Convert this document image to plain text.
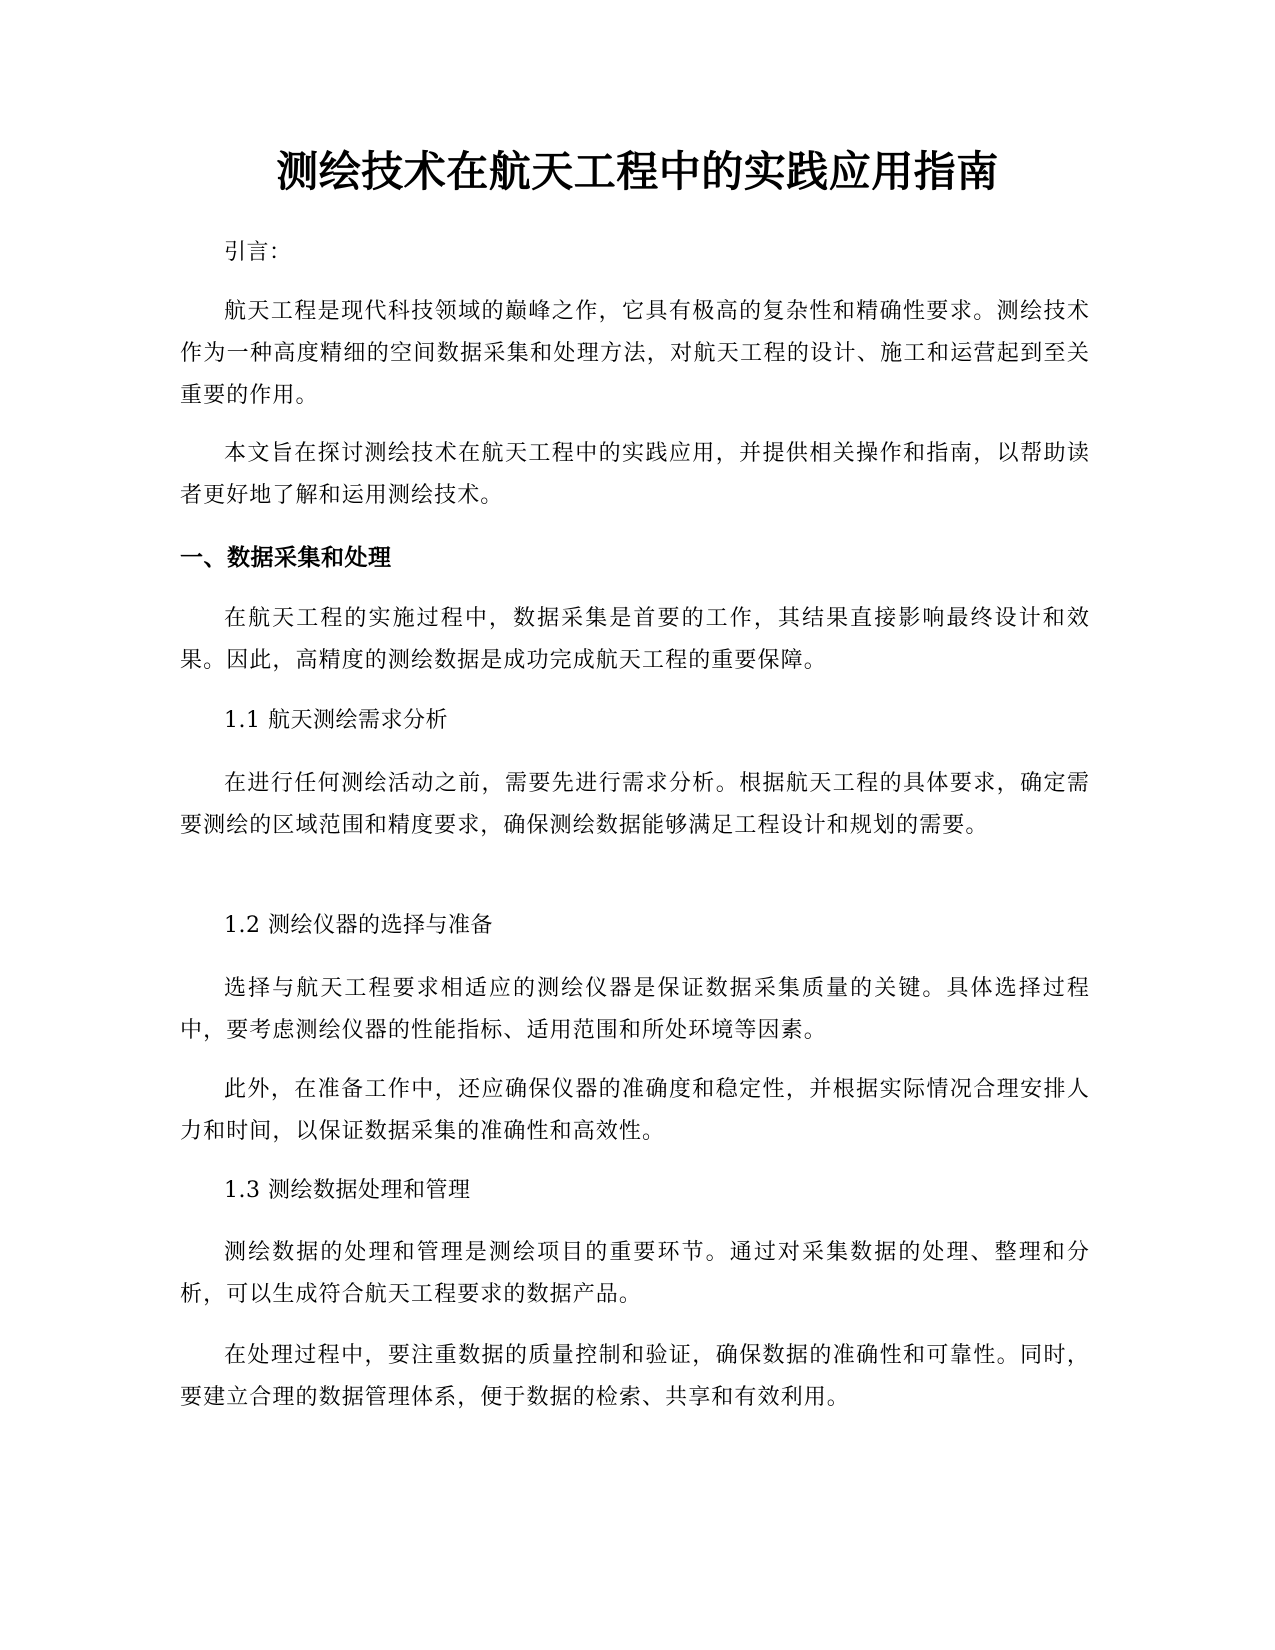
测绘技术在航天工程中的实践应用指南

引言：

航天工程是现代科技领域的巅峰之作，它具有极高的复杂性和精确性要求。测绘技术作为一种高度精细的空间数据采集和处理方法，对航天工程的设计、施工和运营起到至关重要的作用。

本文旨在探讨测绘技术在航天工程中的实践应用，并提供相关操作和指南，以帮助读者更好地了解和运用测绘技术。

一、数据采集和处理

在航天工程的实施过程中，数据采集是首要的工作，其结果直接影响最终设计和效果。因此，高精度的测绘数据是成功完成航天工程的重要保障。

1.1 航天测绘需求分析

在进行任何测绘活动之前，需要先进行需求分析。根据航天工程的具体要求，确定需要测绘的区域范围和精度要求，确保测绘数据能够满足工程设计和规划的需要。

1.2 测绘仪器的选择与准备

选择与航天工程要求相适应的测绘仪器是保证数据采集质量的关键。具体选择过程中，要考虑测绘仪器的性能指标、适用范围和所处环境等因素。

此外，在准备工作中，还应确保仪器的准确度和稳定性，并根据实际情况合理安排人力和时间，以保证数据采集的准确性和高效性。

1.3 测绘数据处理和管理

测绘数据的处理和管理是测绘项目的重要环节。通过对采集数据的处理、整理和分析，可以生成符合航天工程要求的数据产品。

在处理过程中，要注重数据的质量控制和验证，确保数据的准确性和可靠性。同时，要建立合理的数据管理体系，便于数据的检索、共享和有效利用。
